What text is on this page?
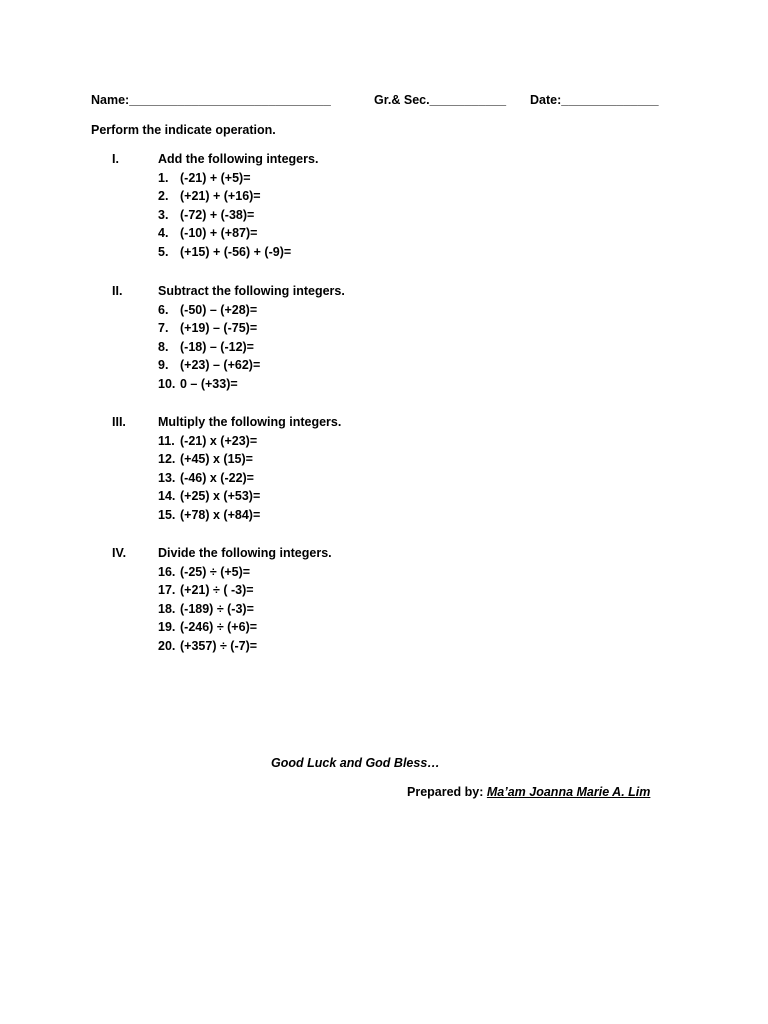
Name:_____________________________	Gr.& Sec.___________ Date:______________
Perform the indicate operation.
I.	Add the following integers.
1. (-21) + (+5)=
2. (+21) + (+16)=
3. (-72) + (-38)=
4. (-10) + (+87)=
5. (+15) + (-56) + (-9)=
II.	Subtract the following integers.
6. (-50) – (+28)=
7. (+19) – (-75)=
8. (-18) – (-12)=
9. (+23) – (+62)=
10. 0 – (+33)=
III.	Multiply the following integers.
11. (-21) x (+23)=
12. (+45) x (15)=
13. (-46) x (-22)=
14. (+25) x (+53)=
15. (+78) x (+84)=
IV.	Divide the following integers.
16. (-25) ÷ (+5)=
17. (+21) ÷ ( -3)=
18. (-189) ÷ (-3)=
19. (-246) ÷ (+6)=
20. (+357) ÷ (-7)=
Good Luck and God Bless…
Prepared by: Ma’am Joanna Marie A. Lim
